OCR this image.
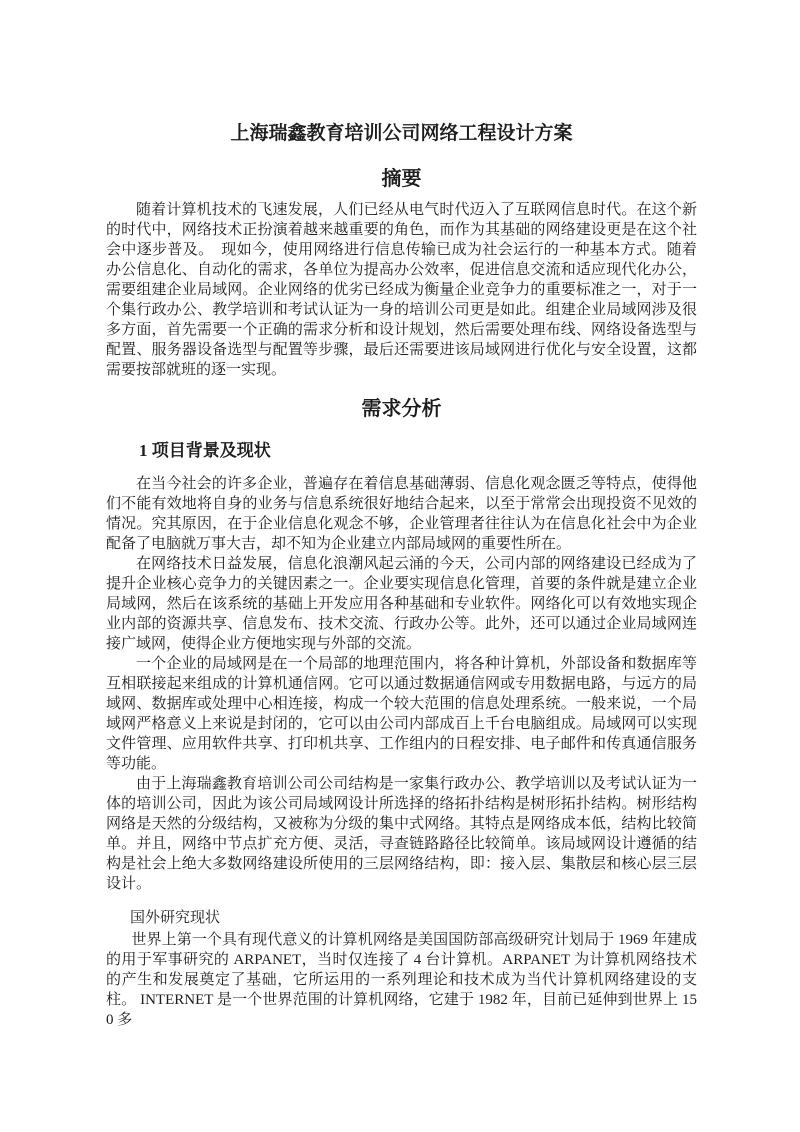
上海瑞鑫教育培训公司网络工程设计方案
摘要

随着计算机技术的飞速发展，人们已经从电气时代迈入了互联网信息时代。在这个新的时代中，网络技术正扮演着越来越重要的角色，而作为其基础的网络建设更是在这个社会中逐步普及。　现如今，使用网络进行信息传输已成为社会运行的一种基本方式。随着办公信息化、自动化的需求，各单位为提高办公效率，促进信息交流和适应现代化办公，需要组建企业局域网。企业网络的优劣已经成为衡量企业竞争力的重要标准之一，对于一个集行政办公、教学培训和考试认证为一身的培训公司更是如此。组建企业局域网涉及很多方面，首先需要一个正确的需求分析和设计规划，然后需要处理布线、网络设备选型与配置、服务器设备选型与配置等步骤，最后还需要进该局域网进行优化与安全设置，这都需要按部就班的逐一实现。

需求分析
1 项目背景及现状

在当今社会的许多企业，普遍存在着信息基础薄弱、信息化观念匮乏等特点，使得他们不能有效地将自身的业务与信息系统很好地结合起来，以至于常常会出现投资不见效的情况。究其原因，在于企业信息化观念不够，企业管理者往往认为在信息化社会中为企业配备了电脑就万事大吉，却不知为企业建立内部局域网的重要性所在。

在网络技术日益发展，信息化浪潮风起云涌的今天，公司内部的网络建设已经成为了提升企业核心竞争力的关键因素之一。企业要实现信息化管理，首要的条件就是建立企业局域网，然后在该系统的基础上开发应用各种基础和专业软件。网络化可以有效地实现企业内部的资源共享、信息发布、技术交流、行政办公等。此外，还可以通过企业局域网连接广域网，使得企业方便地实现与外部的交流。

一个企业的局域网是在一个局部的地理范围内，将各种计算机，外部设备和数据库等互相联接起来组成的计算机通信网。它可以通过数据通信网或专用数据电路，与远方的局域网、数据库或处理中心相连接，构成一个较大范围的信息处理系统。一般来说，一个局域网严格意义上来说是封闭的，它可以由公司内部成百上千台电脑组成。局域网可以实现文件管理、应用软件共享、打印机共享、工作组内的日程安排、电子邮件和传真通信服务等功能。

由于上海瑞鑫教育培训公司公司结构是一家集行政办公、教学培训以及考试认证为一体的培训公司，因此为该公司局域网设计所选择的络拓扑结构是树形拓扑结构。树形结构网络是天然的分级结构，又被称为分级的集中式网络。其特点是网络成本低，结构比较简单。并且，网络中节点扩充方便、灵活，寻查链路路径比较简单。该局域网设计遵循的结构是社会上绝大多数网络建设所使用的三层网络结构，即：接入层、集散层和核心层三层设计。

国外研究现状

世界上第一个具有现代意义的计算机网络是美国国防部高级研究计划局于 1969 年建成的用于军事研究的 ARPANET，当时仅连接了 4 台计算机。ARPANET 为计算机网络技术的产生和发展奠定了基础，它所运用的一系列理论和技术成为当代计算机网络建设的支柱。 INTERNET 是一个世界范围的计算机网络，它建于 1982 年，目前已延伸到世界上 150 多
